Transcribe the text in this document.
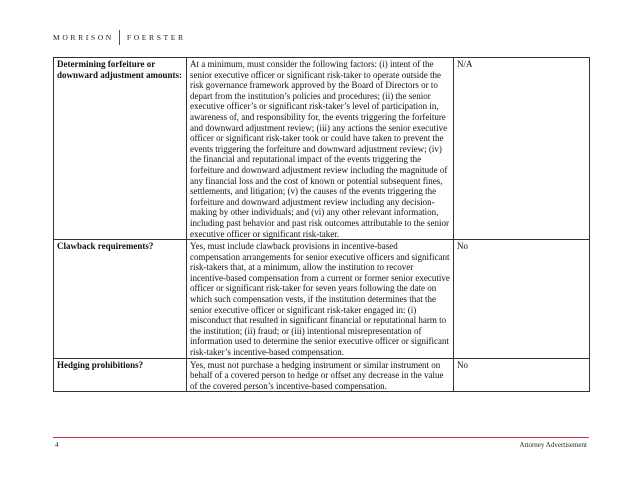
MORRISON FOERSTER
Determining forfeiture or downward adjustment amounts:	At a minimum, must consider the following factors: (i) intent of the senior executive officer or significant risk-taker to operate outside the risk governance framework approved by the Board of Directors or to depart from the institution’s policies and procedures; (ii) the senior executive officer’s or significant risk-taker’s level of participation in, awareness of, and responsibility for, the events triggering the forfeiture and downward adjustment review; (iii) any actions the senior executive officer or significant risk-taker took or could have taken to prevent the events triggering the forfeiture and downward adjustment review; (iv) the financial and reputational impact of the events triggering the forfeiture and downward adjustment review including the magnitude of any financial loss and the cost of known or potential subsequent fines, settlements, and litigation; (v) the causes of the events triggering the forfeiture and downward adjustment review including any decision-making by other individuals; and (vi) any other relevant information, including past behavior and past risk outcomes attributable to the senior executive officer or significant risk-taker.	N/A
Clawback requirements?	Yes, must include clawback provisions in incentive-based compensation arrangements for senior executive officers and significant risk-takers that, at a minimum, allow the institution to recover incentive-based compensation from a current or former senior executive officer or significant risk-taker for seven years following the date on which such compensation vests, if the institution determines that the senior executive officer or significant risk-taker engaged in: (i) misconduct that resulted in significant financial or reputational harm to the institution; (ii) fraud; or (iii) intentional misrepresentation of information used to determine the senior executive officer or significant risk-taker’s incentive-based compensation.	No
Hedging prohibitions?	Yes, must not purchase a hedging instrument or similar instrument on behalf of a covered person to hedge or offset any decrease in the value of the covered person’s incentive-based compensation.	No
4	Attorney Advertisement
